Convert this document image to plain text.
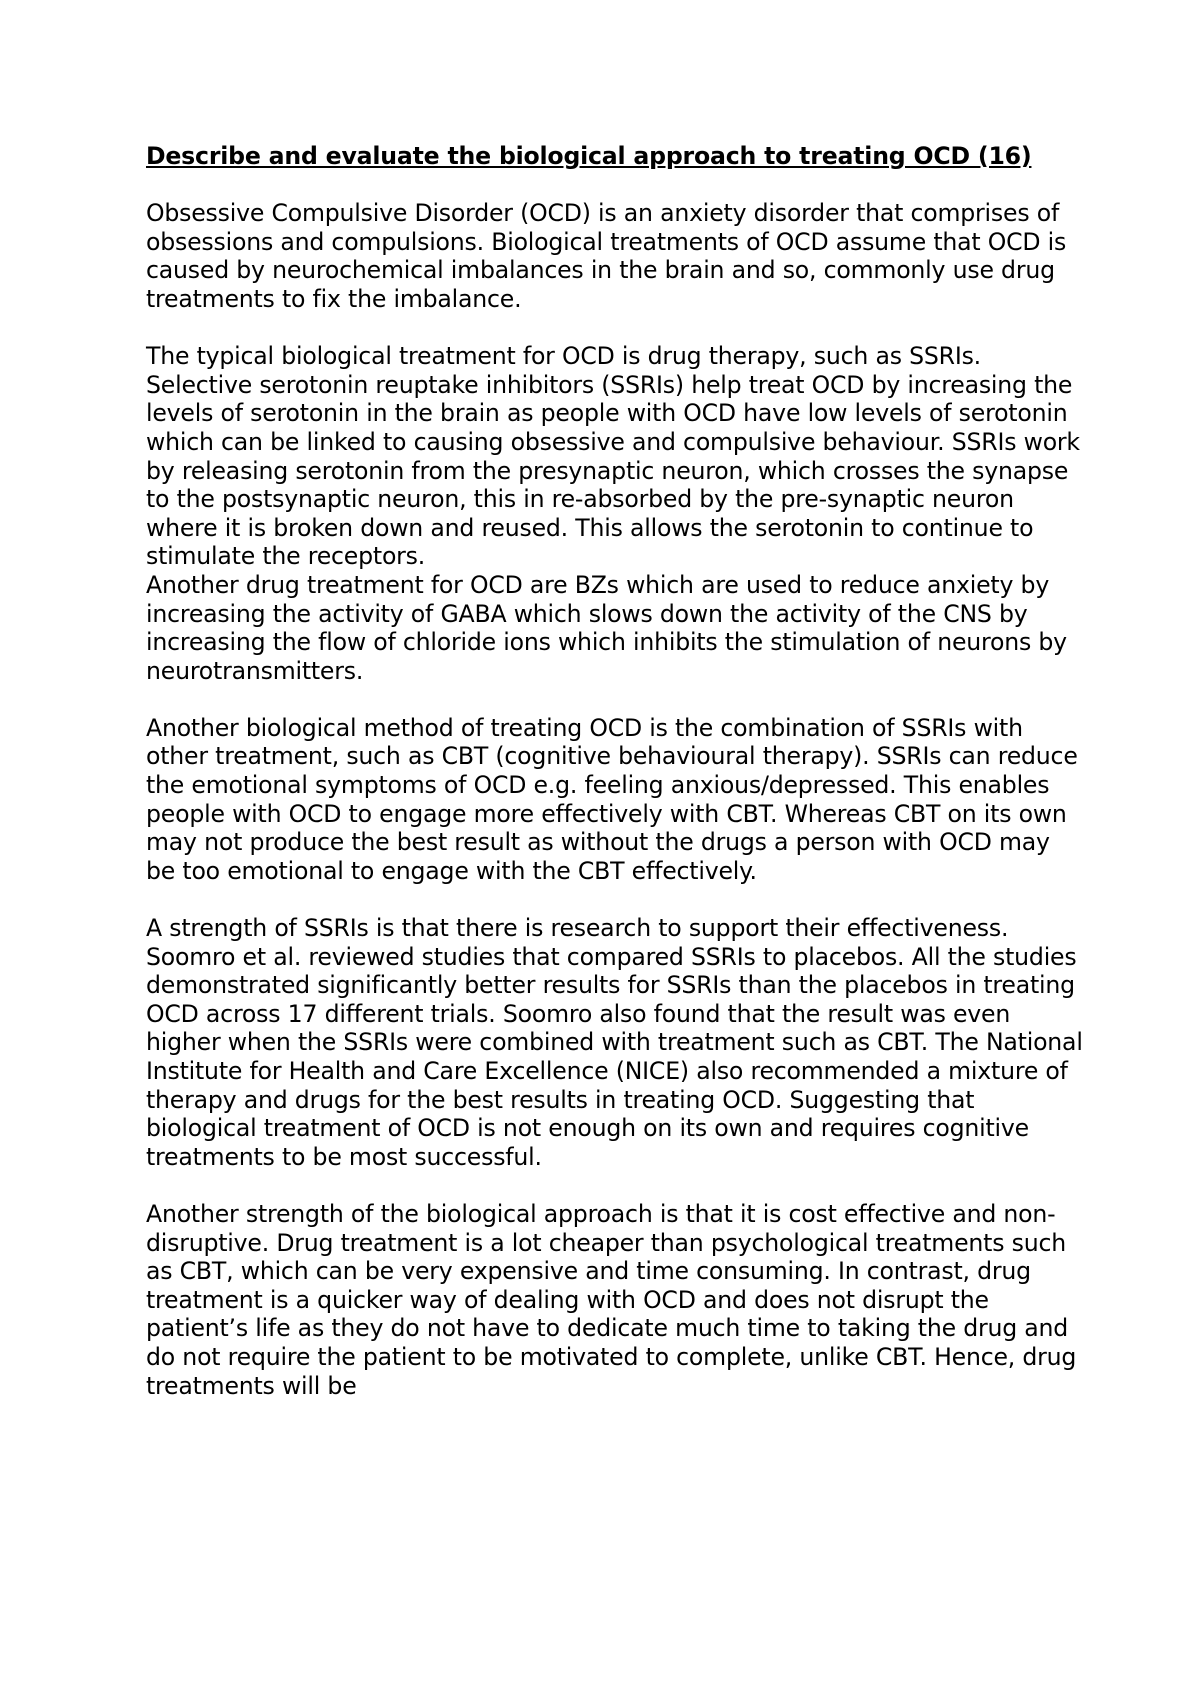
Describe and evaluate the biological approach to treating OCD (16)

Obsessive Compulsive Disorder (OCD) is an anxiety disorder that comprises of obsessions and compulsions. Biological treatments of OCD assume that OCD is caused by neurochemical imbalances in the brain and so, commonly use drug treatments to fix the imbalance.

The typical biological treatment for OCD is drug therapy, such as SSRIs. Selective serotonin reuptake inhibitors (SSRIs) help treat OCD by increasing the levels of serotonin in the brain as people with OCD have low levels of serotonin which can be linked to causing obsessive and compulsive behaviour. SSRIs work by releasing serotonin from the presynaptic neuron, which crosses the synapse to the postsynaptic neuron, this in re-absorbed by the pre-synaptic neuron where it is broken down and reused. This allows the serotonin to continue to stimulate the receptors.

Another drug treatment for OCD are BZs which are used to reduce anxiety by increasing the activity of GABA which slows down the activity of the CNS by increasing the flow of chloride ions which inhibits the stimulation of neurons by neurotransmitters.

Another biological method of treating OCD is the combination of SSRIs with other treatment, such as CBT (cognitive behavioural therapy). SSRIs can reduce the emotional symptoms of OCD e.g. feeling anxious/depressed. This enables people with OCD to engage more effectively with CBT. Whereas CBT on its own may not produce the best result as without the drugs a person with OCD may be too emotional to engage with the CBT effectively.

A strength of SSRIs is that there is research to support their effectiveness. Soomro et al. reviewed studies that compared SSRIs to placebos. All the studies demonstrated significantly better results for SSRIs than the placebos in treating OCD across 17 different trials. Soomro also found that the result was even higher when the SSRIs were combined with treatment such as CBT. The National Institute for Health and Care Excellence (NICE) also recommended a mixture of therapy and drugs for the best results in treating OCD. Suggesting that biological treatment of OCD is not enough on its own and requires cognitive treatments to be most successful.

Another strength of the biological approach is that it is cost effective and non-disruptive. Drug treatment is a lot cheaper than psychological treatments such as CBT, which can be very expensive and time consuming. In contrast, drug treatment is a quicker way of dealing with OCD and does not disrupt the patient’s life as they do not have to dedicate much time to taking the drug and do not require the patient to be motivated to complete, unlike CBT. Hence, drug treatments will be
